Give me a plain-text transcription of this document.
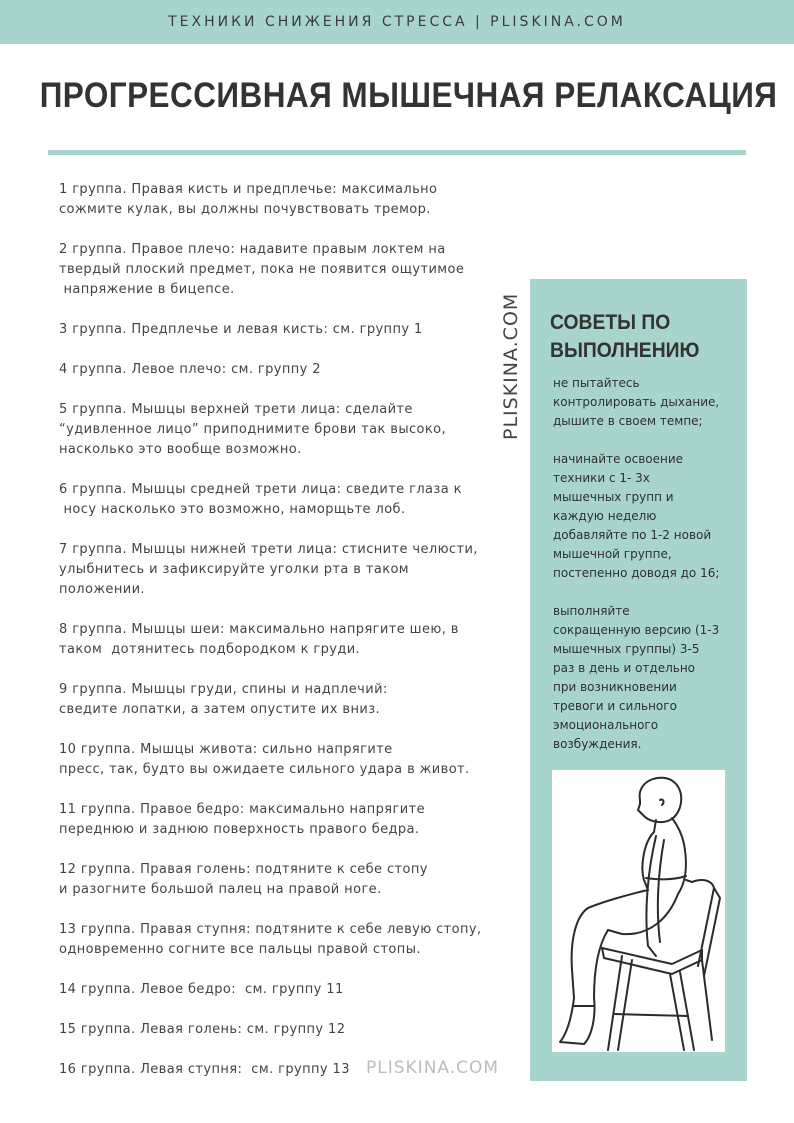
ТЕХНИКИ СНИЖЕНИЯ СТРЕССА | PLISKINA.COM
ПРОГРЕССИВНАЯ МЫШЕЧНАЯ РЕЛАКСАЦИЯ
1 группа. Правая кисть и предплечье: максимально
сожмите кулак, вы должны почувствовать тремор.
2 группа. Правое плечо: надавите правым локтем на
твердый плоский предмет, пока не появится ощутимое
напряжение в бицепсе.
3 группа. Предплечье и левая кисть: см. группу 1
4 группа. Левое плечо: см. группу 2
5 группа. Мышцы верхней трети лица: сделайте
“удивленное лицо” приподнимите брови так высоко,
насколько это вообще возможно.
6 группа. Мышцы средней трети лица: сведите глаза к
носу насколько это возможно, наморщьте лоб.
7 группа. Мышцы нижней трети лица: стисните челюсти,
улыбнитесь и зафиксируйте уголки рта в таком
положении.
8 группа. Мышцы шеи: максимально напрягите шею, в
таком  дотянитесь подбородком к груди.
9 группа. Мышцы груди, спины и надплечий:
сведите лопатки, а затем опустите их вниз.
10 группа. Мышцы живота: сильно напрягите
пресс, так, будто вы ожидаете сильного удара в живот.
11 группа. Правое бедро: максимально напрягите
переднюю и заднюю поверхность правого бедра.
12 группа. Правая голень: подтяните к себе стопу
и разогните большой палец на правой ноге.
13 группа. Правая ступня: подтяните к себе левую стопу,
одновременно согните все пальцы правой стопы.
14 группа. Левое бедро:  см. группу 11
15 группа. Левая голень: см. группу 12
16 группа. Левая ступня:  см. группу 13
PLISKINA.COM СОВЕТЫ ПО
ВЫПОЛНЕНИЮ
не пытайтесь
контролировать дыхание,
дышите в своем темпе;
начинайте освоение
техники с 1- 3х
мышечных групп и
каждую неделю
добавляйте по 1-2 новой
мышечной группе,
постепенно доводя до 16;
выполняйте
сокращенную версию (1-3
мышечных группы) 3-5
раз в день и отдельно
при возникновении
тревоги и сильного
эмоционального
возбуждения.
PLISKINA.COM
